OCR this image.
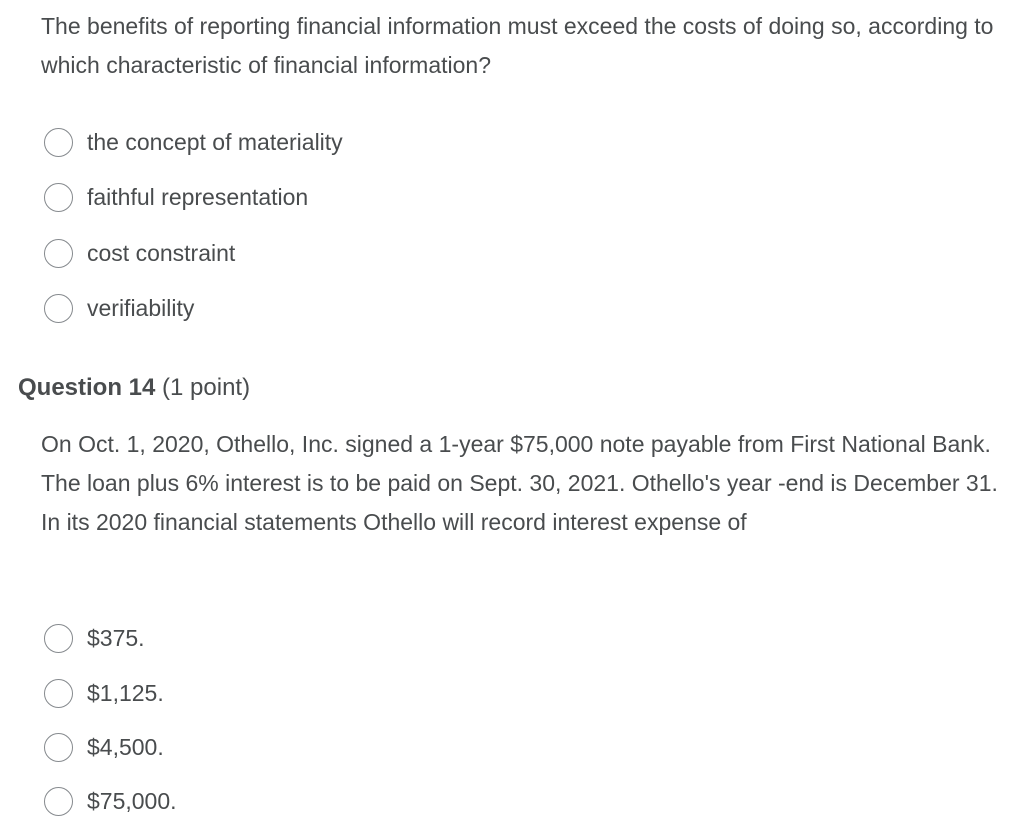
The benefits of reporting financial information must exceed the costs of doing so, according to which characteristic of financial information?
the concept of materiality
faithful representation
cost constraint
verifiability
Question 14 (1 point)
On Oct. 1, 2020, Othello, Inc. signed a 1-year $75,000 note payable from First National Bank. The loan plus 6% interest is to be paid on Sept. 30, 2021. Othello's year -end is December 31. In its 2020 financial statements Othello will record interest expense of
$375.
$1,125.
$4,500.
$75,000.
